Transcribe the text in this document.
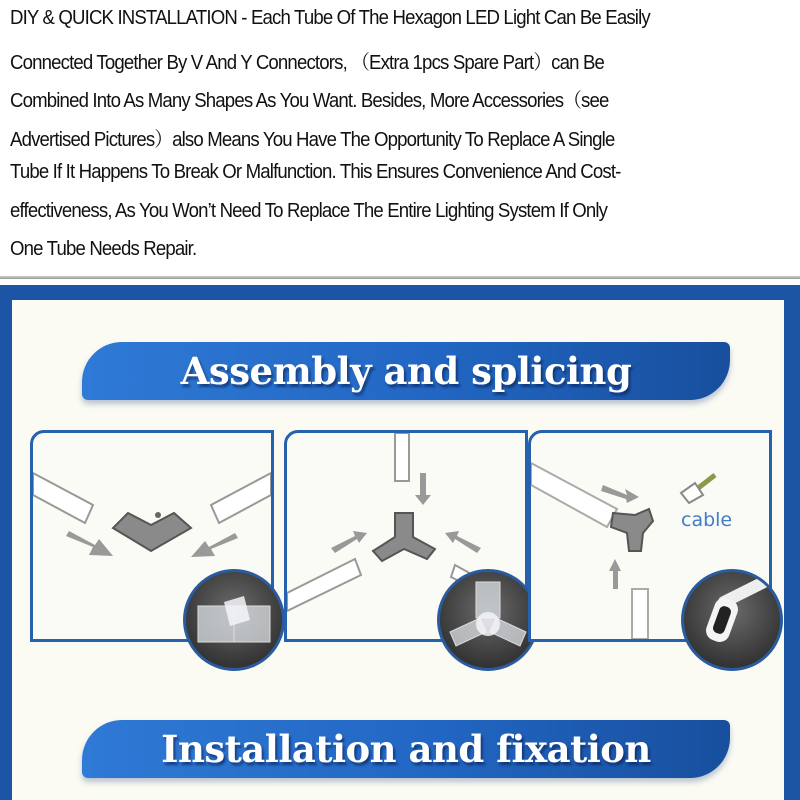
DIY & QUICK INSTALLATION - Each Tube Of The Hexagon LED Light Can Be Easily
Connected Together By V And Y Connectors, （Extra 1pcs Spare Part）can Be
Combined Into As Many Shapes As You Want. Besides, More Accessories（see
Advertised Pictures）also Means You Have The Opportunity To Replace A Single
Tube If It Happens To Break Or Malfunction. This Ensures Convenience And Cost-
effectiveness, As You Won’t Need To Replace The Entire Lighting System If Only
One Tube Needs Repair.
Assembly and splicing
cable
Installation and fixation
